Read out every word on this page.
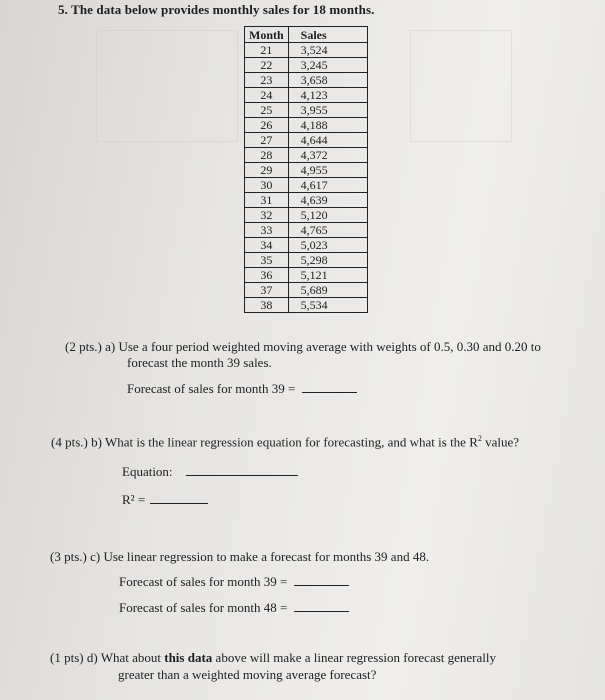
5. The data below provides monthly sales for 18 months.
Month	Sales
21	3,524
22	3,245
23	3,658
24	4,123
25	3,955
26	4,188
27	4,644
28	4,372
29	4,955
30	4,617
31	4,639
32	5,120
33	4,765
34	5,023
35	5,298
36	5,121
37	5,689
38	5,534
(2 pts.) a) Use a four period weighted moving average with weights of 0.5, 0.30 and 0.20 to
forecast the month 39 sales.
Forecast of sales for month 39 =
(4 pts.) b) What is the linear regression equation for forecasting, and what is the $R^2$ value?
Equation:
R² =
(3 pts.) c) Use linear regression to make a forecast for months 39 and 48.
Forecast of sales for month 39 =
Forecast of sales for month 48 =
(1 pts) d) What about this data above will make a linear regression forecast generally
greater than a weighted moving average forecast?
